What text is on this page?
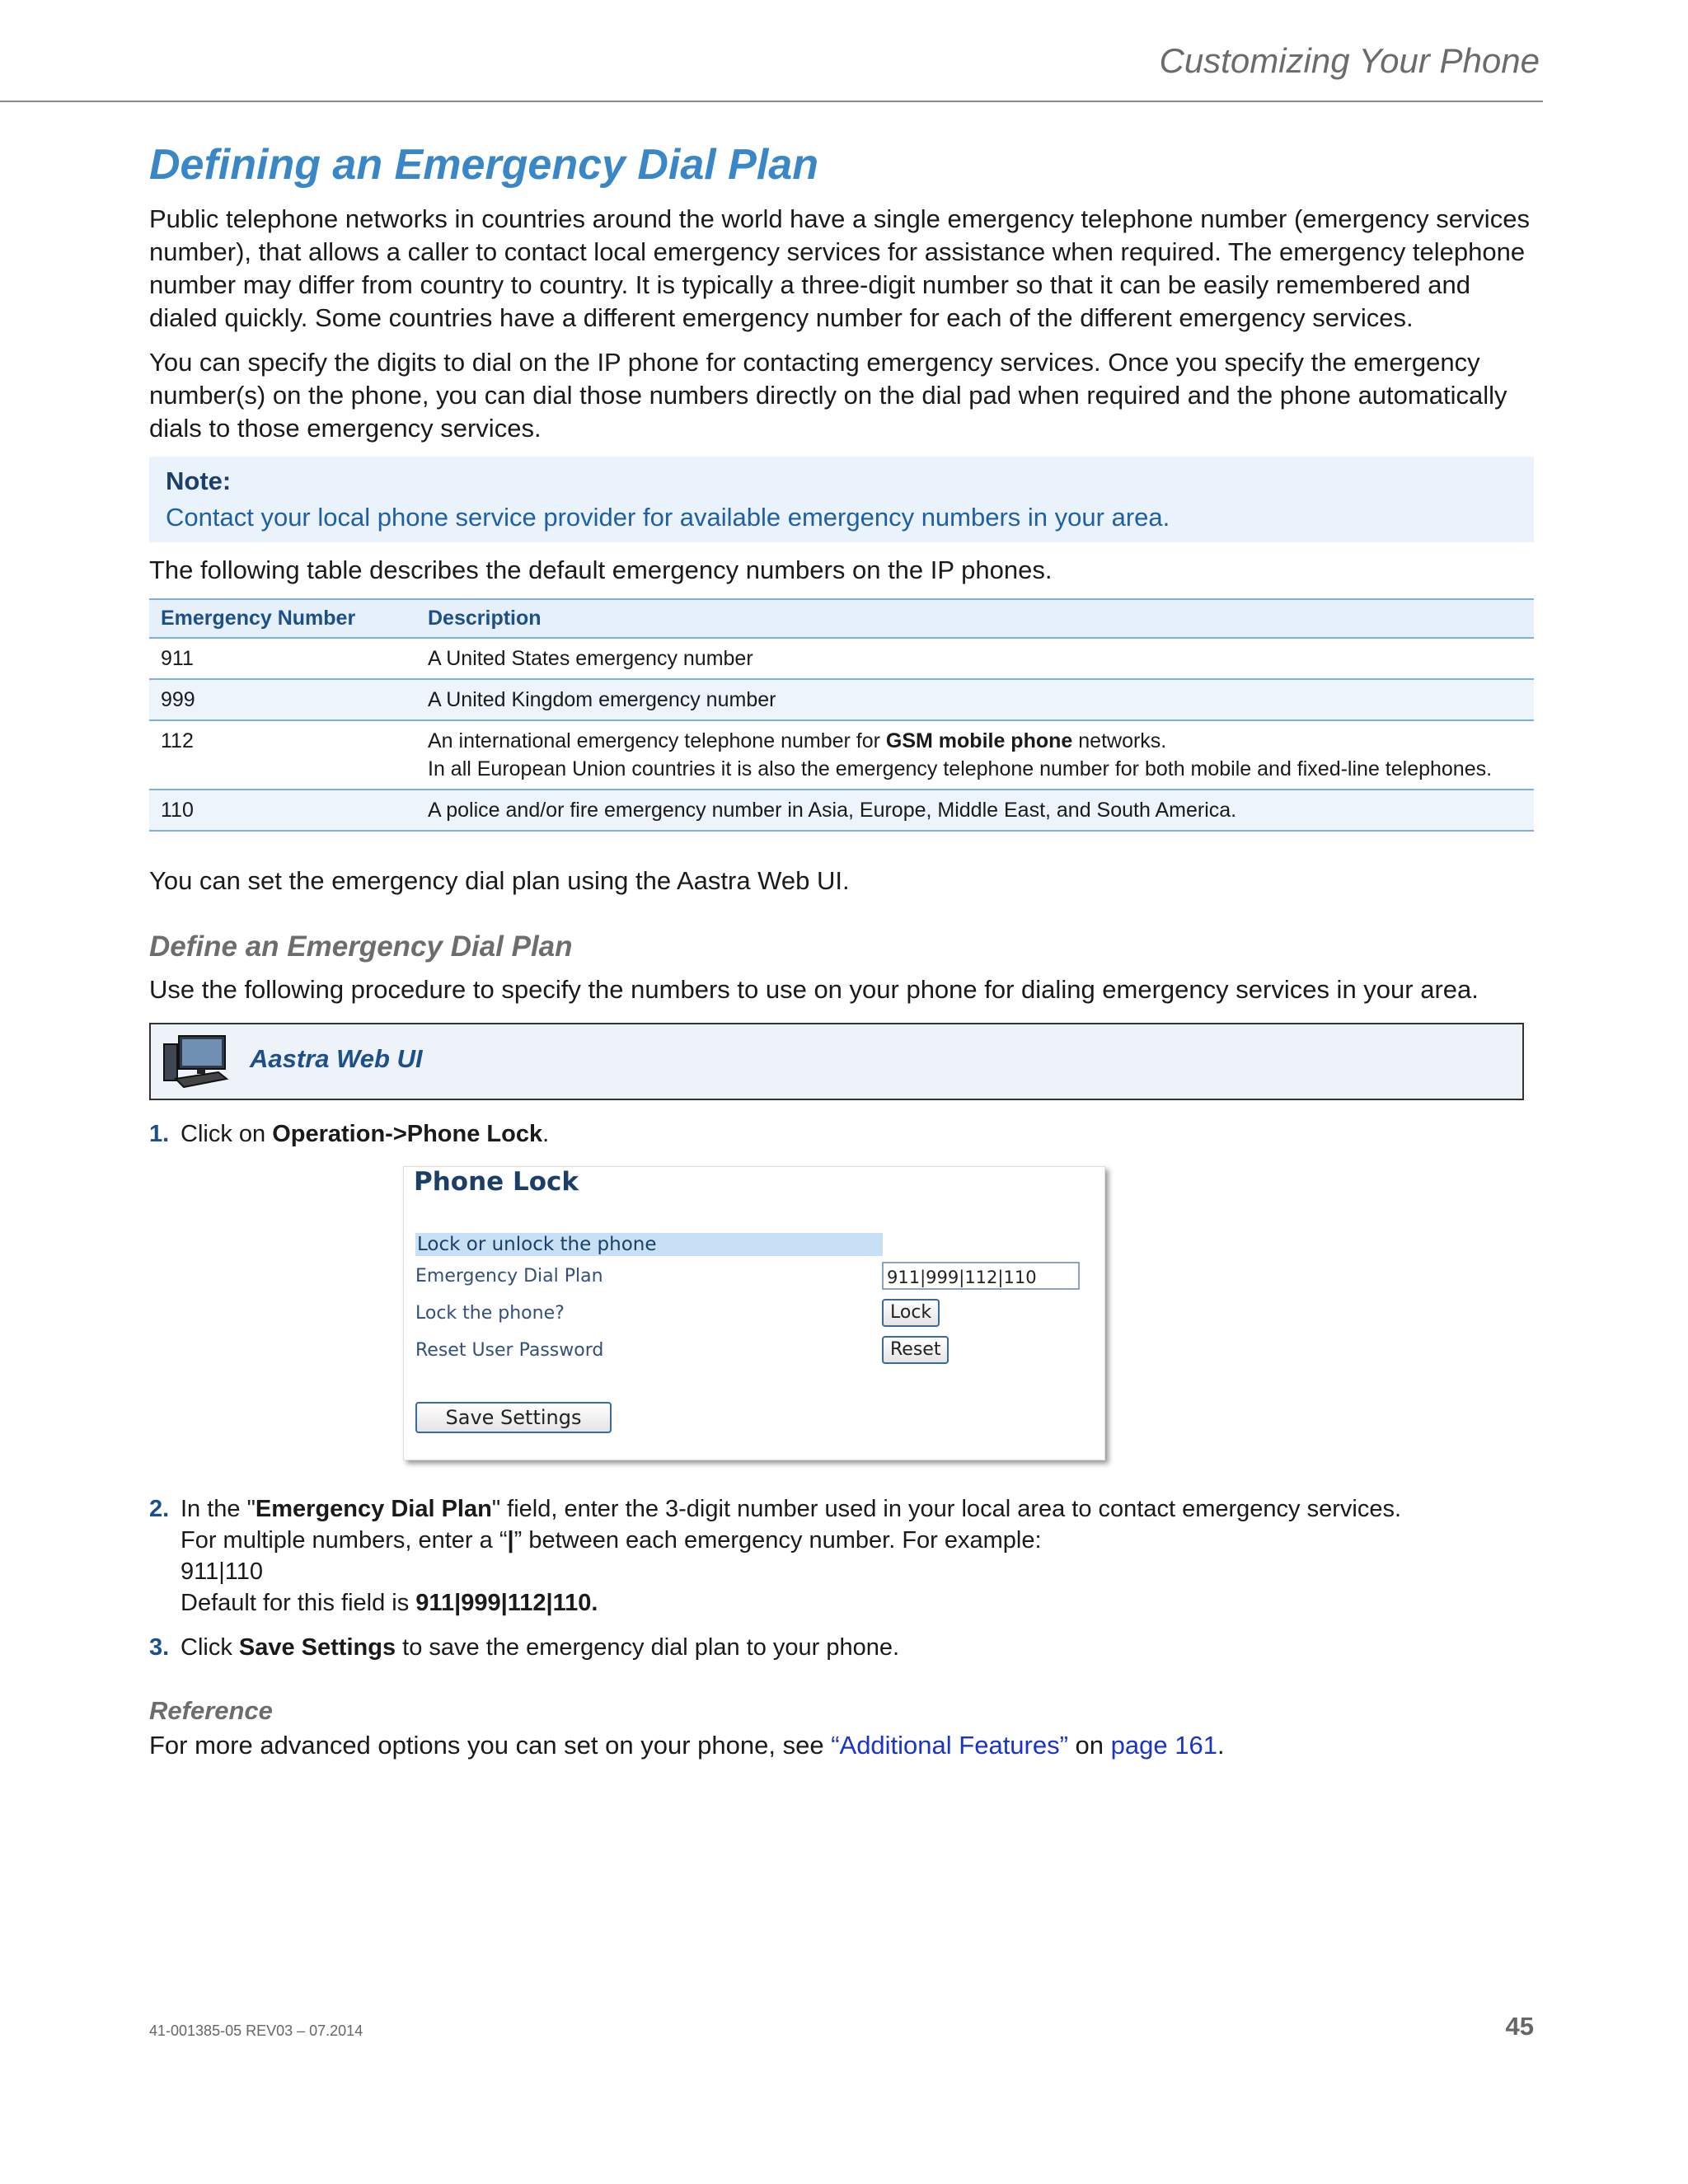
Customizing Your Phone
Defining an Emergency Dial Plan

Public telephone networks in countries around the world have a single emergency telephone number (emergency services number), that allows a caller to contact local emergency services for assistance when required. The emergency telephone number may differ from country to country. It is typically a three-digit number so that it can be easily remembered and dialed quickly. Some countries have a different emergency number for each of the different emergency services.

You can specify the digits to dial on the IP phone for contacting emergency services. Once you specify the emergency number(s) on the phone, you can dial those numbers directly on the dial pad when required and the phone automatically dials to those emergency services.

Note:
Contact your local phone service provider for available emergency numbers in your area.

The following table describes the default emergency numbers on the IP phones.

Emergency Number	Description
911	A United States emergency number
999	A United Kingdom emergency number
112	An international emergency telephone number for GSM mobile phone networks.
In all European Union countries it is also the emergency telephone number for both mobile and fixed-line telephones.
110	A police and/or fire emergency number in Asia, Europe, Middle East, and South America.

You can set the emergency dial plan using the Aastra Web UI.

Define an Emergency Dial Plan

Use the following procedure to specify the numbers to use on your phone for dialing emergency services in your area.

Aastra Web UI
1. Click on Operation->Phone Lock.
Phone Lock
Lock or unlock the phone
Emergency Dial Plan	911|999|112|110
Lock the phone?	Lock
Reset User Password	Reset
Save Settings
2. In the "Emergency Dial Plan" field, enter the 3-digit number used in your local area to contact emergency services.
For multiple numbers, enter a “|” between each emergency number. For example:
911|110
Default for this field is 911|999|112|110.
3. Click Save Settings to save the emergency dial plan to your phone.
Reference

For more advanced options you can set on your phone, see “Additional Features” on page 161.

41-001385-05 REV03 – 07.2014	45
